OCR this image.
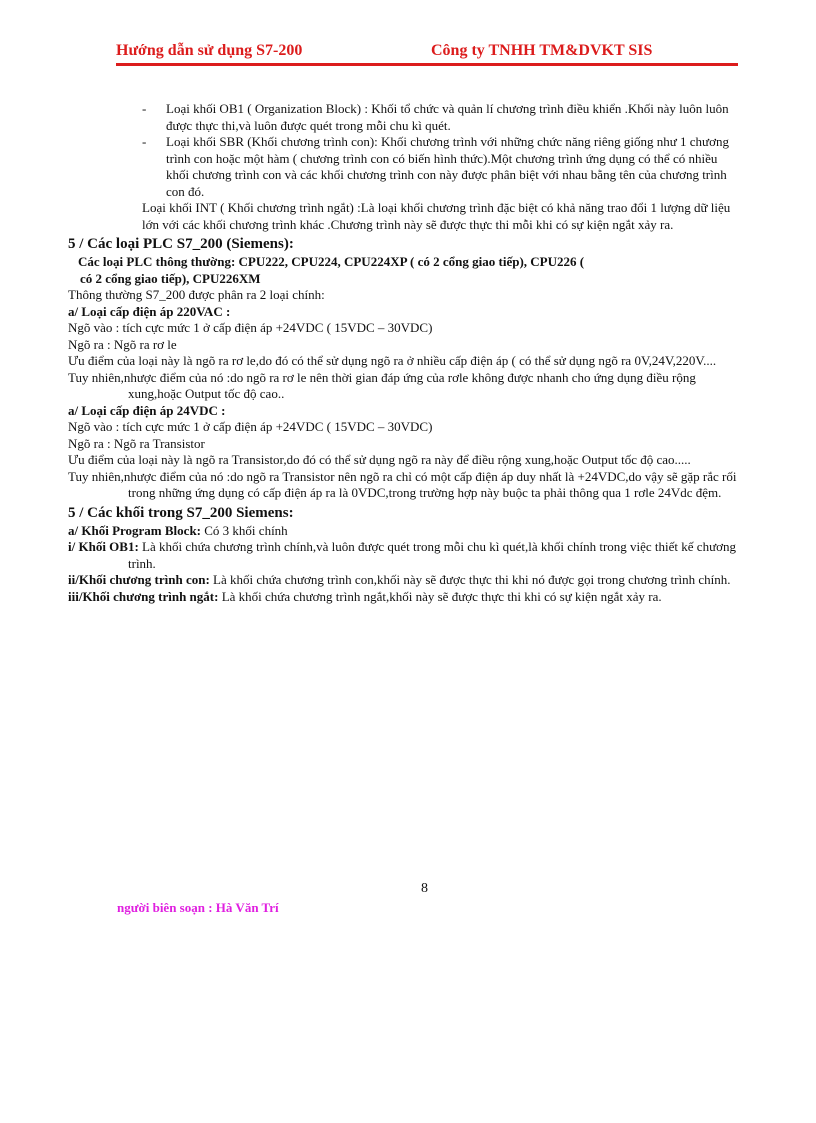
Hướng dẫn sử dụng S7-200	Công ty TNHH TM&DVKT SIS
-	Loại khối OB1 ( Organization Block) : Khối tổ chức và quản lí chương trình điều khiển .Khối này luôn luôn được thực thi,và luôn được quét trong mỗi chu kì quét.
-	Loại khối SBR (Khối chương trình con): Khối chương trình với những chức năng riêng giống như 1 chương trình con hoặc một hàm ( chương trình con có biến hình thức).Một chương trình ứng dụng có thể có nhiều khối chương trình con và các khối chương trình con này được phân biệt với nhau bằng tên của chương trình con đó.
Loại khối INT ( Khối chương trình ngắt) :Là loại khối chương trình đặc biệt có khả năng trao đổi 1 lượng dữ liệu lớn với các khối chương trình khác .Chương trình này sẽ được thực thi mỗi khi có sự kiện ngắt xảy ra.
5 / Các loại PLC S7_200 (Siemens):
Các loại PLC thông thường: CPU222, CPU224, CPU224XP ( có 2 cổng giao tiếp), CPU226 (
có 2 cổng giao tiếp), CPU226XM
Thông thường S7_200 được phân ra 2 loại chính:
a/ Loại cấp điện áp 220VAC :
Ngõ vào : tích cực mức 1 ở cấp điện áp +24VDC ( 15VDC – 30VDC)
Ngõ ra : Ngõ ra rơ le
Ưu điểm của loại này là ngõ ra rơ le,do đó có thể sử dụng ngõ ra ở nhiều cấp điện áp ( có thể sử dụng ngõ ra 0V,24V,220V....
Tuy nhiên,nhược điểm của nó :do ngõ ra rơ le nên thời gian đáp ứng của rơle không được nhanh cho ứng dụng điều rộng xung,hoặc Output tốc độ cao..
a/ Loại cấp điện áp 24VDC :
Ngõ vào : tích cực mức 1 ở cấp điện áp +24VDC ( 15VDC – 30VDC)
Ngõ ra : Ngõ ra Transistor
Ưu điểm của loại này là ngõ ra Transistor,do đó có thể sử dụng ngõ ra này để điều rộng xung,hoặc Output tốc độ cao.....
Tuy nhiên,nhược điểm của nó :do ngõ ra Transistor nên ngõ ra chỉ có một cấp điện áp duy nhất là +24VDC,do vậy sẽ gặp rắc rối trong những ứng dụng có cấp điện áp ra là 0VDC,trong trường hợp này buộc ta phải thông qua 1 rơle 24Vdc đệm.
5 / Các khối trong S7_200 Siemens:
a/ Khối Program Block: Có 3 khối chính
i/ Khối OB1: Là khối chứa chương trình chính,và luôn được quét trong mỗi chu kì quét,là khối chính trong việc thiết kế chương trình.
ii/Khối chương trình con: Là khối chứa chương trình con,khối này sẽ được thực thi khi nó được gọi trong chương trình chính.
iii/Khối chương trình ngắt: Là khối chứa chương trình ngắt,khối này sẽ được thực thi khi có sự kiện ngắt xảy ra.
8
người biên soạn : Hà Văn Trí
